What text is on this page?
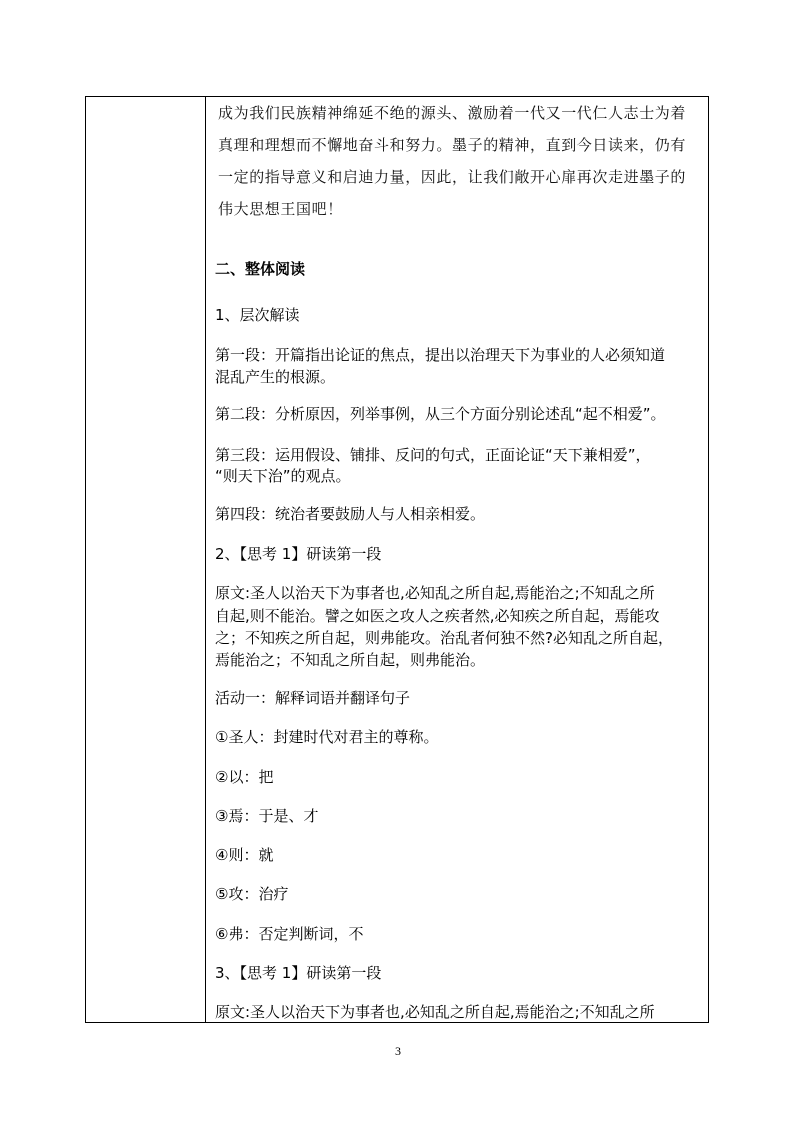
成为我们民族精神绵延不绝的源头、激励着一代又一代仁人志士为着
真理和理想而不懈地奋斗和努力。墨子的精神，直到今日读来，仍有
一定的指导意义和启迪力量，因此，让我们敞开心扉再次走进墨子的
伟大思想王国吧！
二、整体阅读
1、层次解读
第一段：开篇指出论证的焦点，提出以治理天下为事业的人必须知道
混乱产生的根源。
第二段：分析原因，列举事例，从三个方面分别论述乱“起不相爱”。
第三段：运用假设、铺排、反问的句式，正面论证“天下兼相爱”，
“则天下治”的观点。
第四段：统治者要鼓励人与人相亲相爱。
2、【思考 1】研读第一段
原文:圣人以治天下为事者也,必知乱之所自起,焉能治之;不知乱之所
自起,则不能治。譬之如医之攻人之疾者然,必知疾之所自起，焉能攻
之；不知疾之所自起，则弗能攻。治乱者何独不然?必知乱之所自起，
焉能治之；不知乱之所自起，则弗能治。
活动一：解释词语并翻译句子
①圣人：封建时代对君主的尊称。
②以：把
③焉：于是、才
④则：就
⑤攻：治疗
⑥弗：否定判断词，不
3、【思考 1】研读第一段
原文:圣人以治天下为事者也,必知乱之所自起,焉能治之;不知乱之所
3
